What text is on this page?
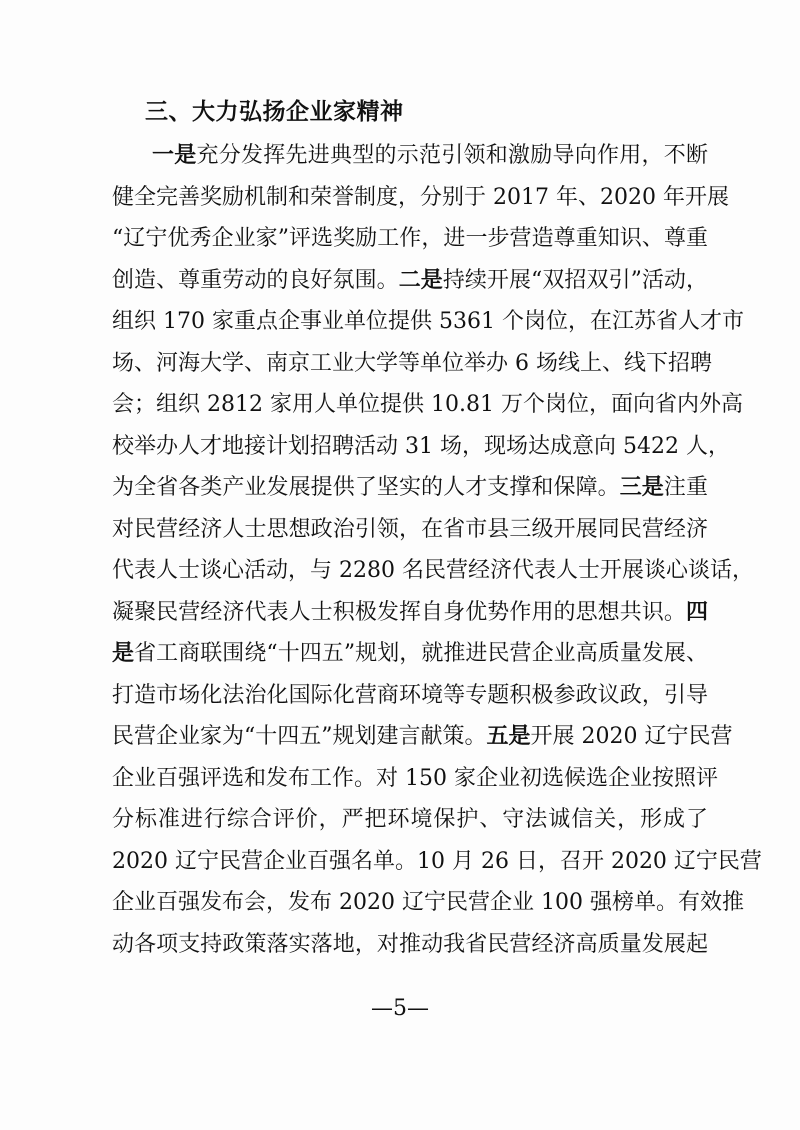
三、大力弘扬企业家精神
一是充分发挥先进典型的示范引领和激励导向作用，不断
健全完善奖励机制和荣誉制度，分别于 2017 年、2020 年开展
“辽宁优秀企业家”评选奖励工作，进一步营造尊重知识、尊重
创造、尊重劳动的良好氛围。二是持续开展“双招双引”活动，
组织 170 家重点企事业单位提供 5361 个岗位，在江苏省人才市
场、河海大学、南京工业大学等单位举办 6 场线上、线下招聘
会；组织 2812 家用人单位提供 10.81 万个岗位，面向省内外高
校举办人才地接计划招聘活动 31 场，现场达成意向 5422 人，
为全省各类产业发展提供了坚实的人才支撑和保障。三是注重
对民营经济人士思想政治引领，在省市县三级开展同民营经济
代表人士谈心活动，与 2280 名民营经济代表人士开展谈心谈话，
凝聚民营经济代表人士积极发挥自身优势作用的思想共识。四
是省工商联围绕“十四五”规划，就推进民营企业高质量发展、
打造市场化法治化国际化营商环境等专题积极参政议政，引导
民营企业家为“十四五”规划建言献策。五是开展 2020 辽宁民营
企业百强评选和发布工作。对 150 家企业初选候选企业按照评
分标准进行综合评价，严把环境保护、守法诚信关，形成了
2020 辽宁民营企业百强名单。10 月 26 日，召开 2020 辽宁民营
企业百强发布会，发布 2020 辽宁民营企业 100 强榜单。有效推
动各项支持政策落实落地，对推动我省民营经济高质量发展起
—5—
